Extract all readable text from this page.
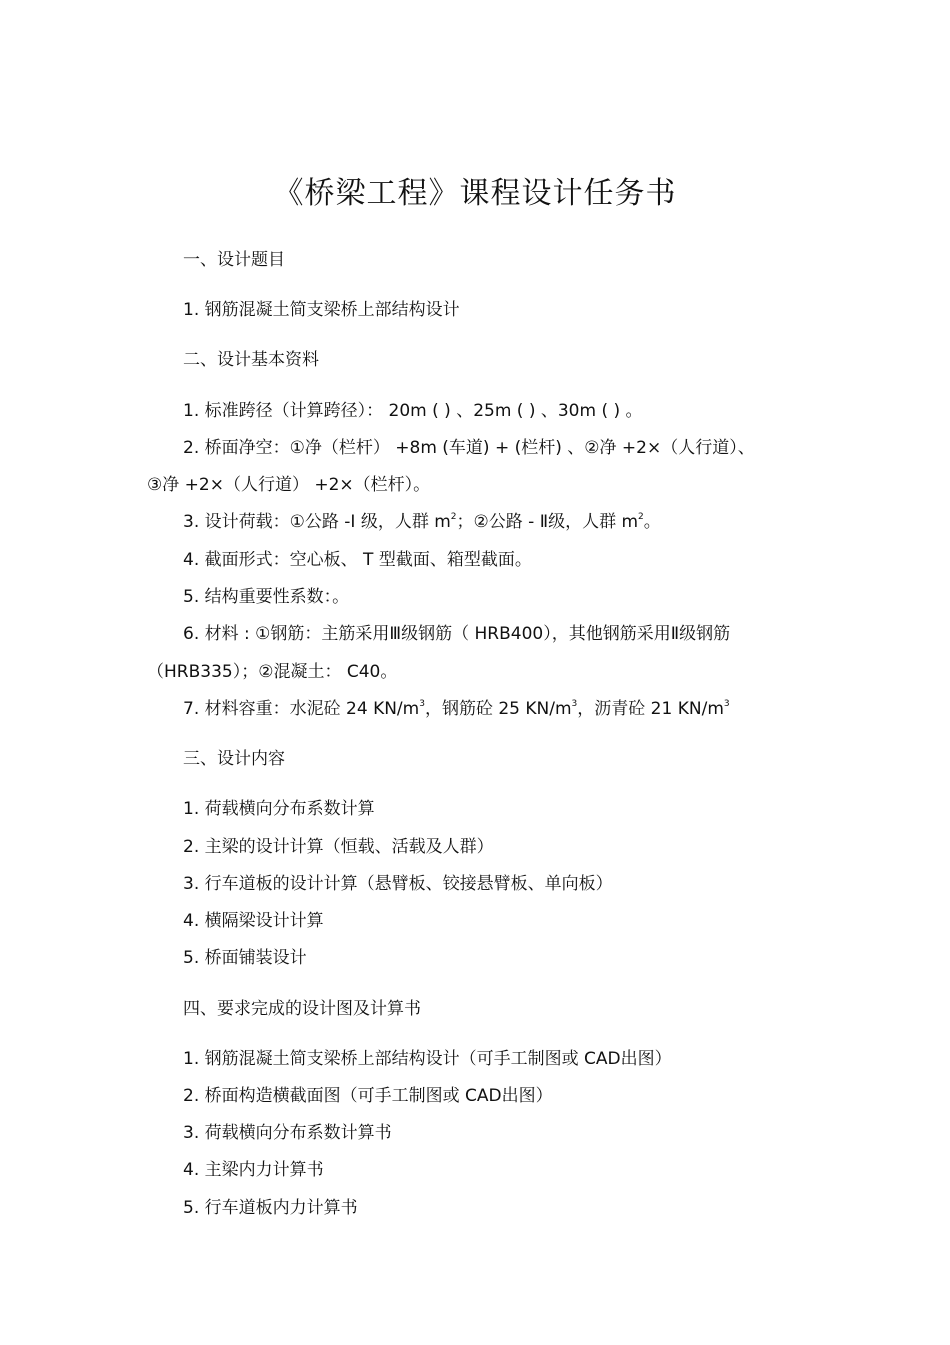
《桥梁工程》课程设计任务书
一、设计题目
1. 钢筋混凝土简支梁桥上部结构设计
二、设计基本资料
1. 标准跨径（计算跨径）： 20m ( ) 、25m ( ) 、30m ( ) 。
2. 桥面净空：①净（栏杆） +8m (车道) + (栏杆) 、②净 +2×（人行道）、
③净 +2×（人行道） +2×（栏杆）。
3. 设计荷载：①公路 -I 级，人群 $m^2$；②公路 - Ⅱ级，人群 $m^2$。
4. 截面形式：空心板、 T 型截面、箱型截面。
5. 结构重要性系数：。
6. 材料 : ①钢筋：主筋采用Ⅲ级钢筋（ HRB400），其他钢筋采用Ⅱ级钢筋
（HRB335）；②混凝土： C40。
7. 材料容重：水泥砼 24 $KN/m^3$，钢筋砼 25 $KN/m^3$，沥青砼 21 $KN/m^3$
三、设计内容
1. 荷载横向分布系数计算
2. 主梁的设计计算（恒载、活载及人群）
3. 行车道板的设计计算（悬臂板、铰接悬臂板、单向板）
4. 横隔梁设计计算
5. 桥面铺装设计
四、要求完成的设计图及计算书
1. 钢筋混凝土简支梁桥上部结构设计（可手工制图或 CAD出图）
2. 桥面构造横截面图（可手工制图或 CAD出图）
3. 荷载横向分布系数计算书
4. 主梁内力计算书
5. 行车道板内力计算书
